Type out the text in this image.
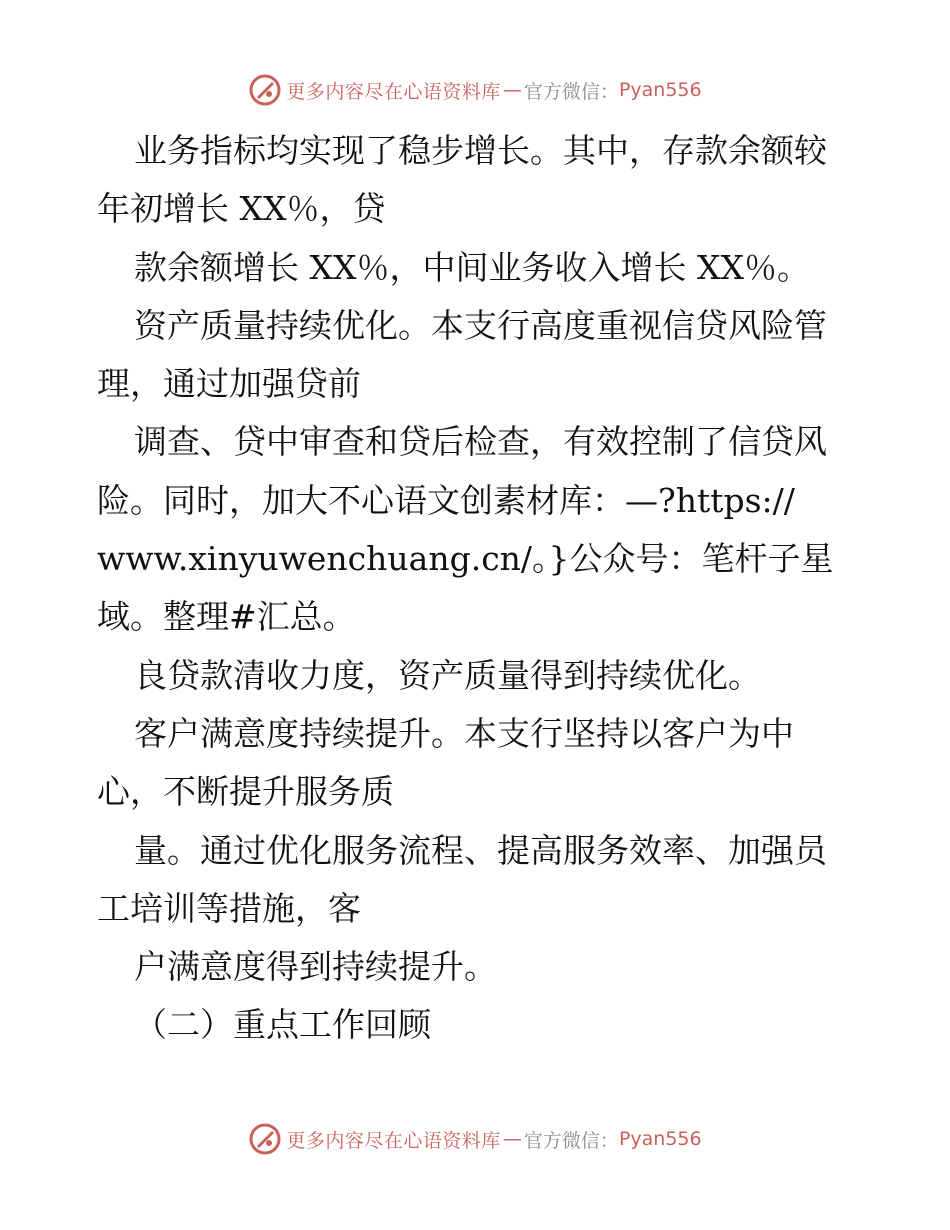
更多内容尽在心语资料库 — 官方微信： Pyan556
业务指标均实现了稳步增长。其中，存款余额较
年初增长 XX％，贷
款余额增长 XX％，中间业务收入增长 XX％。
资产质量持续优化。本支行高度重视信贷风险管
理，通过加强贷前
调查、贷中审查和贷后检查，有效控制了信贷风
险。同时，加大不心语文创素材库：—?https://
www.xinyuwenchuang.cn/。}公众号：笔杆子星
域。整理#汇总。
良贷款清收力度，资产质量得到持续优化。
客户满意度持续提升。本支行坚持以客户为中
心，不断提升服务质
量。通过优化服务流程、提高服务效率、加强员
工培训等措施，客
户满意度得到持续提升。
（二）重点工作回顾
更多内容尽在心语资料库 — 官方微信： Pyan556
